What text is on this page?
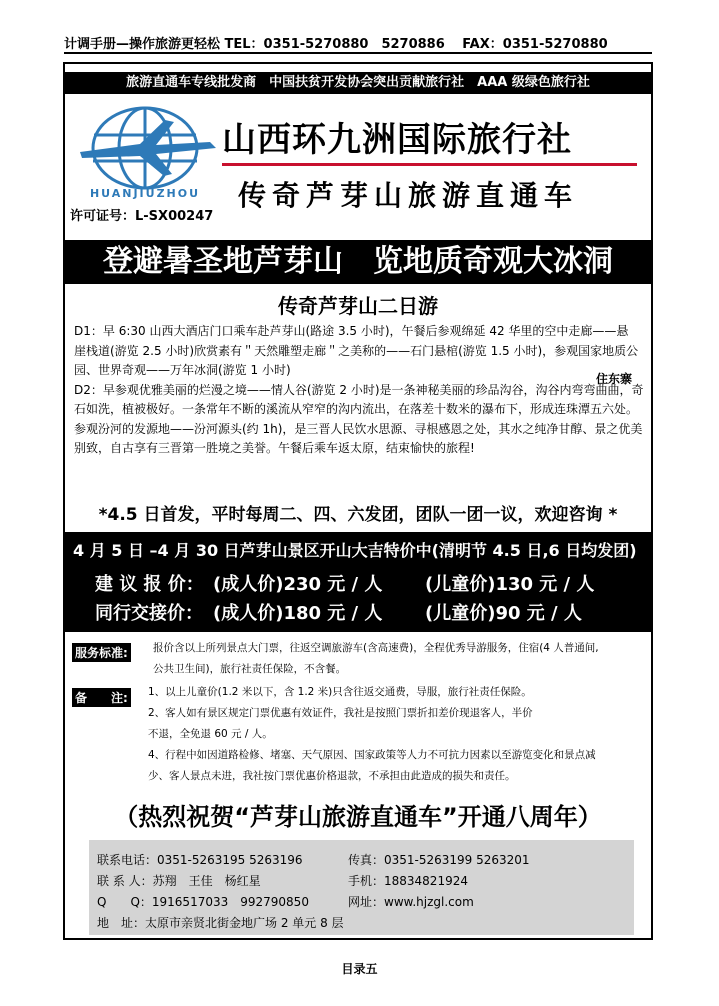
计调手册—操作旅游更轻松 TEL：0351-5270880　5270886　 FAX：0351-5270880
旅游直通车专线批发商　中国扶贫开发协会突出贡献旅行社　AAA 级绿色旅行社
HUANJIUZHOU
山西环九洲国际旅行社
传奇芦芽山旅游直通车
许可证号：L-SX00247
登避暑圣地芦芽山　览地质奇观大冰洞
传奇芦芽山二日游

D1：早 6:30 山西大酒店门口乘车赴芦芽山(路途 3.5 小时)，午餐后参观绵延 42 华里的空中走廊——悬崖栈道(游览 2.5 小时)欣赏素有＂天然雕塑走廊＂之美称的——石门悬棺(游览 1.5 小时)，参观国家地质公园、世界奇观——万年冰洞(游览 1 小时)

住东寨

D2：早参观优雅美丽的烂漫之境——情人谷(游览 2 小时)是一条神秘美丽的珍品沟谷，沟谷内弯弯曲曲，奇石如洗，植被极好。一条常年不断的溪流从窄窄的沟内流出，在落差十数米的瀑布下，形成连珠潭五六处。参观汾河的发源地——汾河源头(约 1h)，是三晋人民饮水思源、寻根感恩之处，其水之纯净甘醇、景之优美别致，自古享有三晋第一胜境之美誉。午餐后乘车返太原，结束愉快的旅程!

*4.5 日首发，平时每周二、四、六发团，团队一团一议，欢迎咨询 *
4 月 5 日 –4 月 30 日芦芽山景区开山大吉特价中(清明节 4.5 日,6 日均发团)
建 议 报 价： (成人价)230 元 / 人 (儿童价)130 元 / 人
同行交接价： (成人价)180 元 / 人 (儿童价)90 元 / 人
服务标准: 报价含以上所列景点大门票，往返空调旅游车(含高速费)，全程优秀导游服务，住宿(4 人普通间,
公共卫生间)，旅行社责任保险，不含餐。
备　　注: 1、以上儿童价(1.2 米以下，含 1.2 米)只含往返交通费，导服，旅行社责任保险。
2、客人如有景区规定门票优惠有效证件，我社是按照门票折扣差价现退客人，半价
不退，全免退 60 元 / 人。
4、行程中如因道路检修、堵塞、天气原因、国家政策等人力不可抗力因素以至游览变化和景点减
少、客人景点未进，我社按门票优惠价格退款，不承担由此造成的损失和责任。
（热烈祝贺“芦芽山旅游直通车”开通八周年）
联系电话：0351-5263195 5263196	传真：0351-5263199 5263201
联 系 人：苏翔　王佳　杨红星	手机：18834821924
Q　　Q：1916517033　992790850	网址：www.hjzgl.com
地　址：太原市亲贤北街金地广场 2 单元 8 层
目录五
